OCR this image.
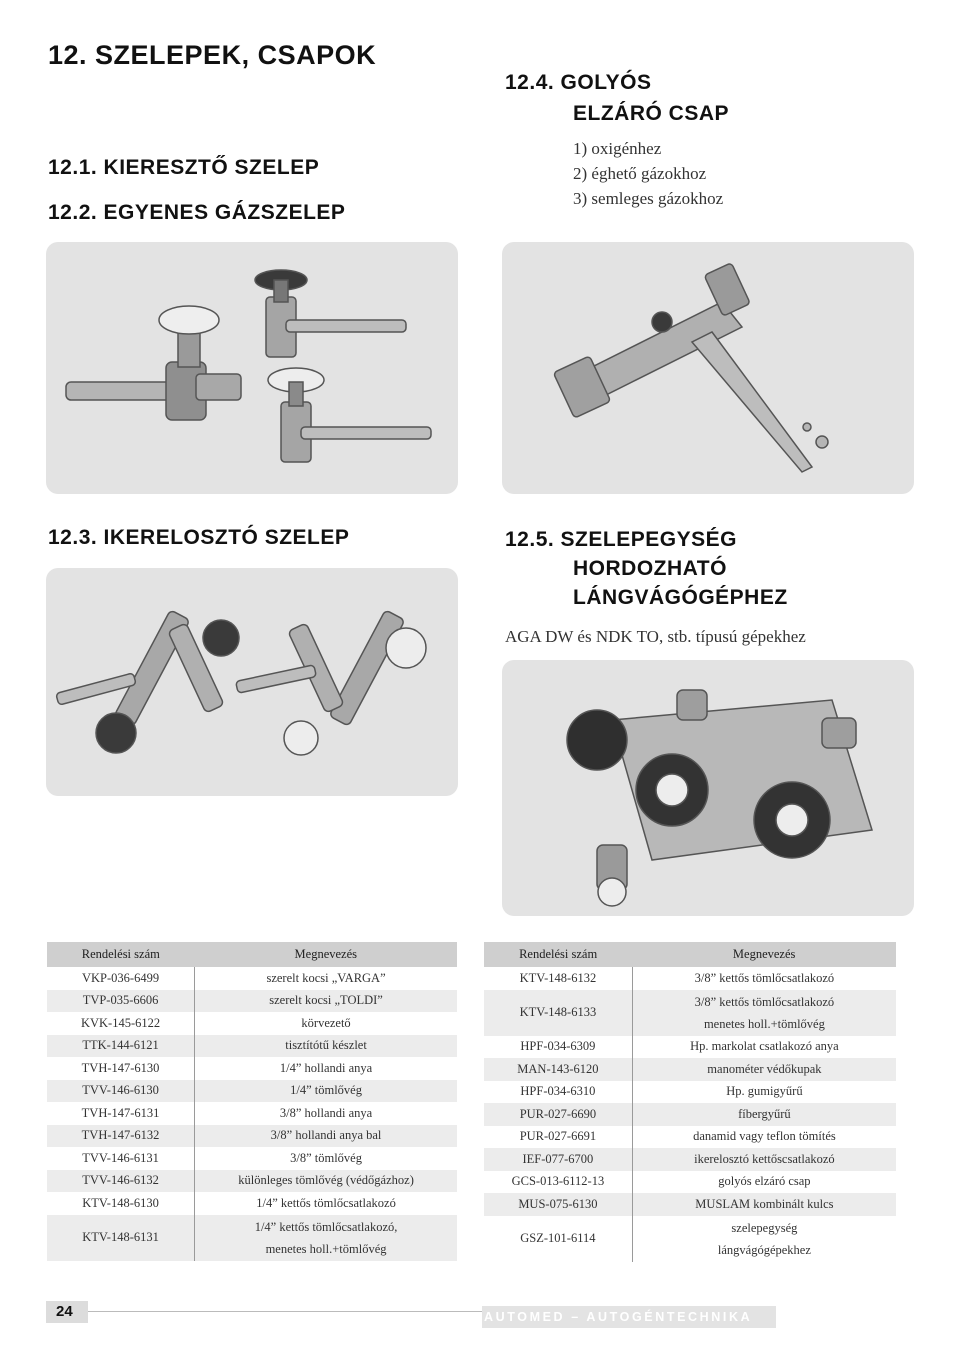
12. SZELEPEK, CSAPOK
12.1. KIERESZTŐ SZELEP
12.2. EGYENES GÁZSZELEP
12.3. IKERELOSZTÓ SZELEP
12.4. GOLYÓS
ELZÁRÓ CSAP
1) oxigénhez
2) éghető gázokhoz
3) semleges gázokhoz
12.5. SZELEPEGYSÉG
HORDOZHATÓ
LÁNGVÁGÓGÉPHEZ
AGA DW és NDK TO, stb. típusú gépekhez
Rendelési szám	Megnevezés
VKP-036-6499	szerelt kocsi „VARGA”
TVP-035-6606	szerelt kocsi „TOLDI”
KVK-145-6122	körvezető
TTK-144-6121	tisztítótű készlet
TVH-147-6130	1/4” hollandi anya
TVV-146-6130	1/4” tömlővég
TVH-147-6131	3/8” hollandi anya
TVH-147-6132	3/8” hollandi anya bal
TVV-146-6131	3/8” tömlővég
TVV-146-6132	különleges tömlővég (védőgázhoz)
KTV-148-6130	1/4” kettős tömlőcsatlakozó
KTV-148-6131	1/4” kettős tömlőcsatlakozó,
menetes holl.+tömlővég
Rendelési szám	Megnevezés
KTV-148-6132	3/8” kettős tömlőcsatlakozó
KTV-148-6133	3/8” kettős tömlőcsatlakozó
menetes holl.+tömlővég

HPF-034-6309	Hp. markolat csatlakozó anya
MAN-143-6120	manométer védőkupak
HPF-034-6310	Hp. gumigyűrű
PUR-027-6690	fíbergyűrű
PUR-027-6691	danamid vagy teflon tömítés
IEF-077-6700	ikerelosztó kettőscsatlakozó
GCS-013-6112-13	golyós elzáró csap
MUS-075-6130	MUSLAM kombinált kulcs
GSZ-101-6114	szelepegység
lángvágógépekhez
24	AUTOMED – AUTOGÉNTECHNIKA
